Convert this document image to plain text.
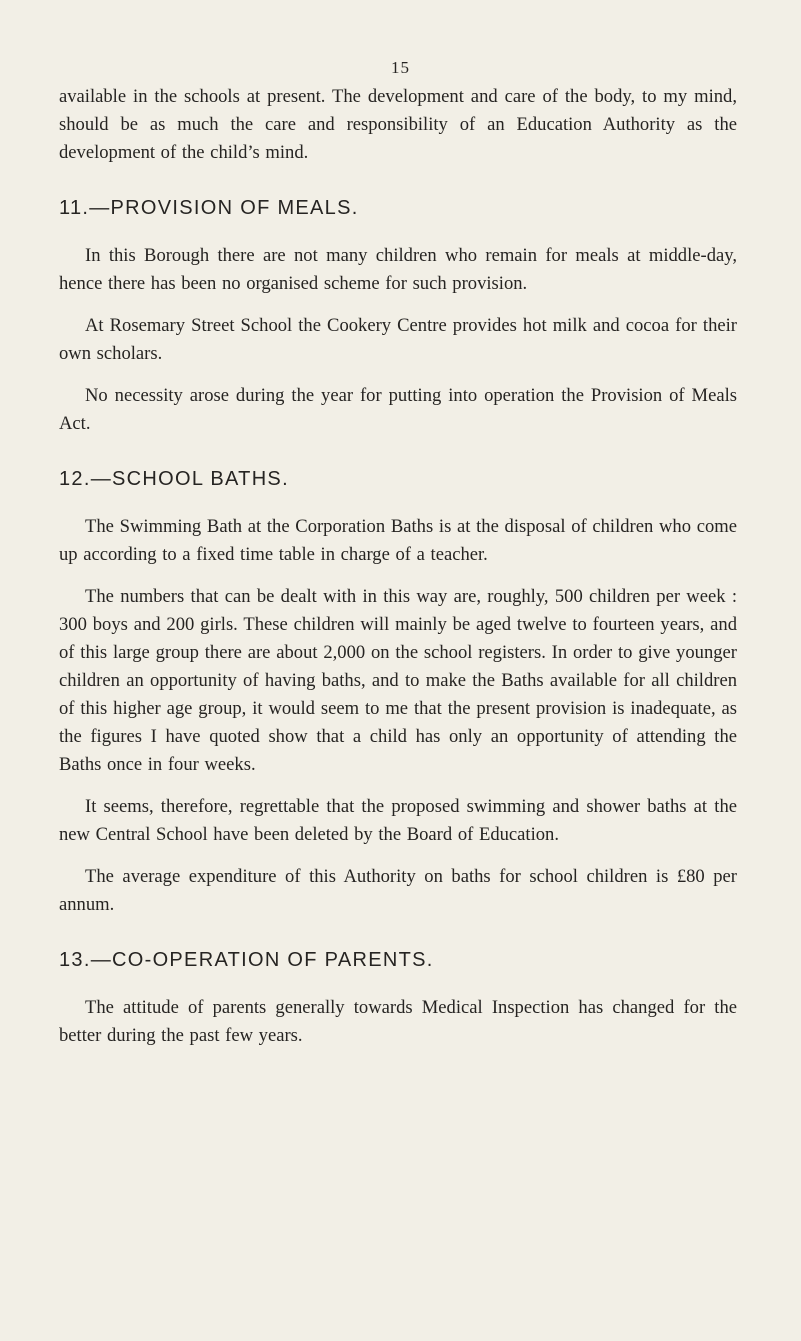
15

available in the schools at present. The development and care of the body, to my mind, should be as much the care and responsibility of an Education Authority as the development of the child’s mind.

11.—PROVISION OF MEALS.

In this Borough there are not many children who remain for meals at middle-day, hence there has been no organised scheme for such provision.

At Rosemary Street School the Cookery Centre provides hot milk and cocoa for their own scholars.

No necessity arose during the year for putting into operation the Provision of Meals Act.

12.—SCHOOL BATHS.

The Swimming Bath at the Corporation Baths is at the disposal of children who come up according to a fixed time table in charge of a teacher.

The numbers that can be dealt with in this way are, roughly, 500 children per week : 300 boys and 200 girls. These children will mainly be aged twelve to fourteen years, and of this large group there are about 2,000 on the school registers. In order to give younger children an opportunity of having baths, and to make the Baths available for all children of this higher age group, it would seem to me that the present provision is inadequate, as the figures I have quoted show that a child has only an opportunity of attending the Baths once in four weeks.

It seems, therefore, regrettable that the proposed swimming and shower baths at the new Central School have been deleted by the Board of Education.

The average expenditure of this Authority on baths for school children is £80 per annum.

13.—CO-OPERATION OF PARENTS.

The attitude of parents generally towards Medical Inspection has changed for the better during the past few years.
